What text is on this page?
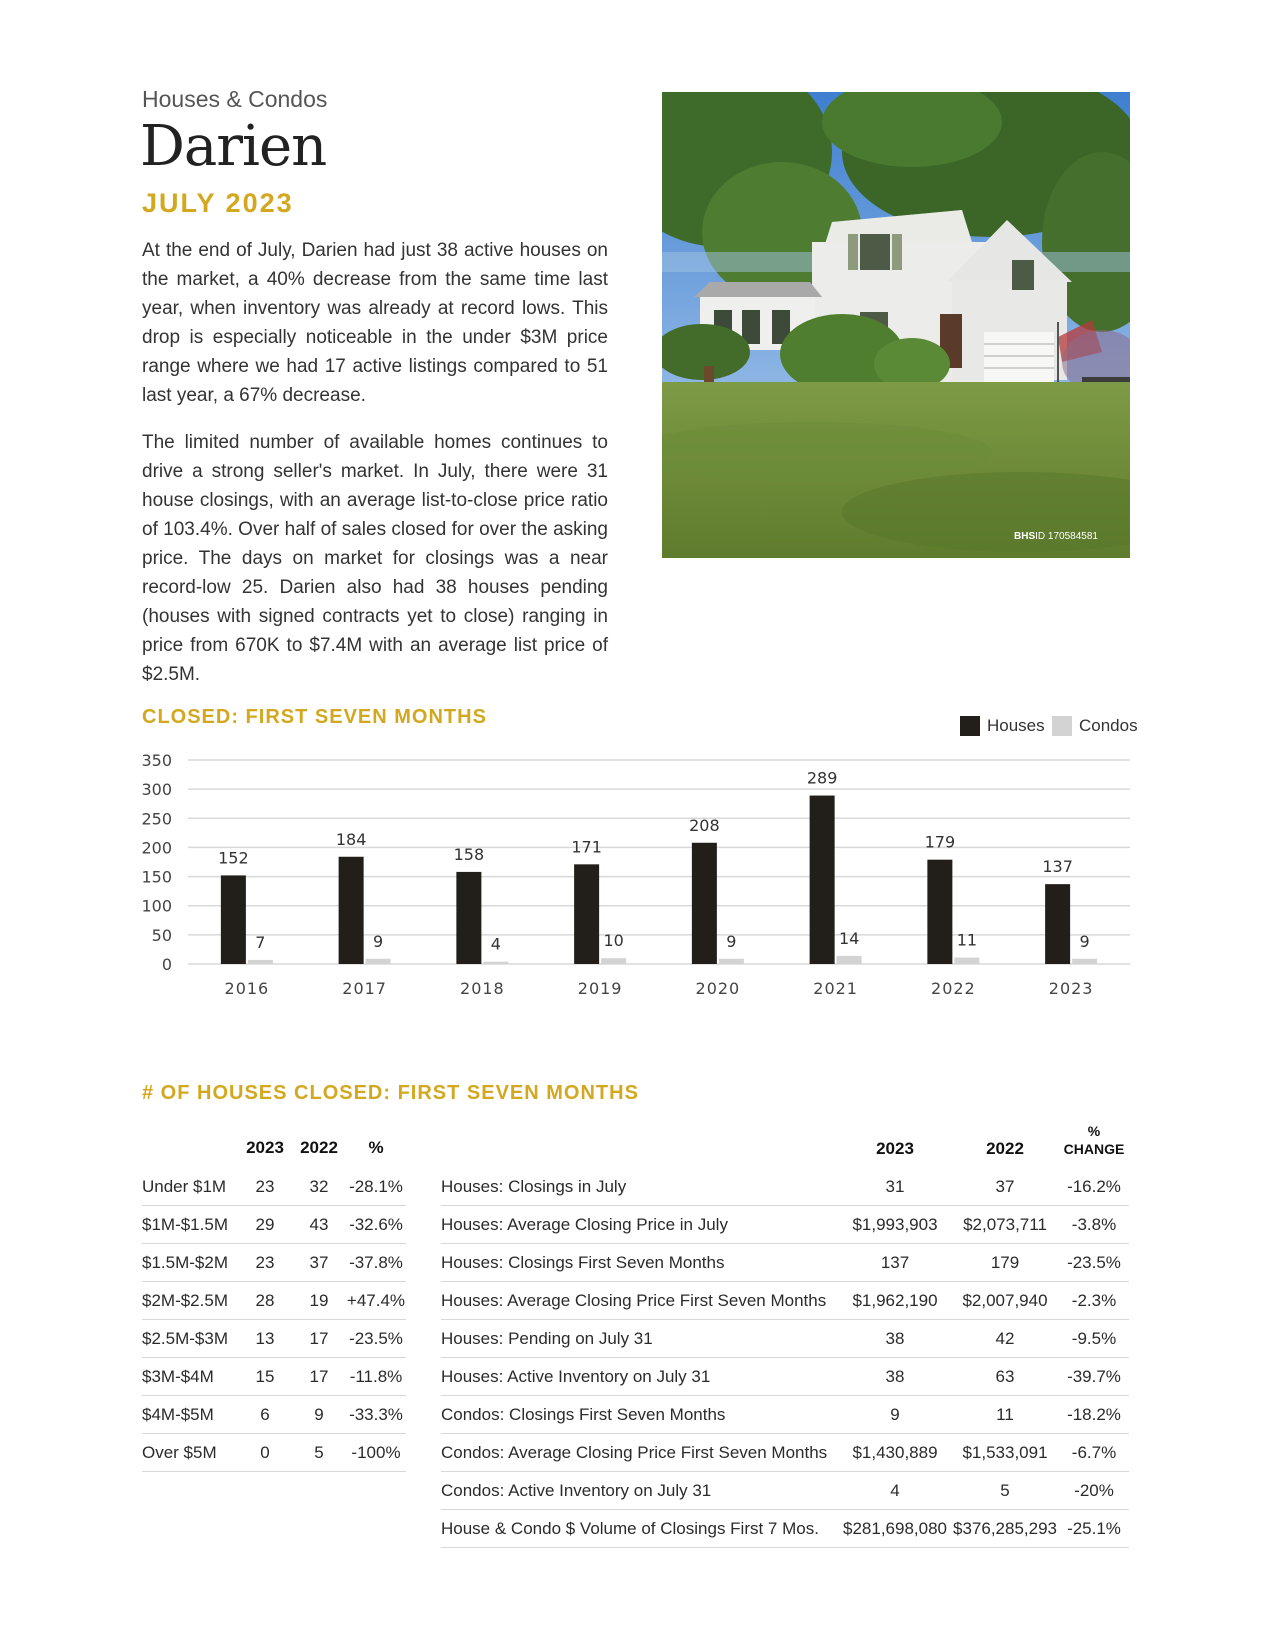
Houses & Condos
Darien
JULY 2023

At the end of July, Darien had just 38 active houses on the market, a 40% decrease from the same time last year, when inventory was already at record lows. This drop is especially noticeable in the under $3M price range where we had 17 active listings compared to 51 last year, a 67% decrease.

The limited number of available homes continues to drive a strong seller's market. In July, there were 31 house closings, with an average list-to-close price ratio of 103.4%. Over half of sales closed for over the asking price. The days on market for closings was a near record-low 25. Darien also had 38 houses pending (houses with signed contracts yet to close) ranging in price from 670K to $7.4M with an average list price of $2.5M.

BHSID 170584581
CLOSED: FIRST SEVEN MONTHS	Houses Condos
0
50
100
150
200
250
300
350
152
7
2016
184
9
2017
158
4
2018
171
10
2019
208
9
2020
289
14
2021
179
11
2022
137
9
2023
# OF HOUSES CLOSED: FIRST SEVEN MONTHS
	2023	2022	%
Under $1M	23	32	-28.1%
$1M-$1.5M	29	43	-32.6%
$1.5M-$2M	23	37	-37.8%
$2M-$2.5M	28	19	+47.4%
$2.5M-$3M	13	17	-23.5%
$3M-$4M	15	17	-11.8%
$4M-$5M	6	9	-33.3%
Over $5M	0	5	-100%
	2023	2022	% CHANGE
Houses: Closings in July	31	37	-16.2%
Houses: Average Closing Price in July	$1,993,903	$2,073,711	-3.8%
Houses: Closings First Seven Months	137	179	-23.5%
Houses: Average Closing Price First Seven Months	$1,962,190	$2,007,940	-2.3%
Houses: Pending on July 31	38	42	-9.5%
Houses: Active Inventory on July 31	38	63	-39.7%
Condos: Closings First Seven Months	9	11	-18.2%
Condos: Average Closing Price First Seven Months	$1,430,889	$1,533,091	-6.7%
Condos: Active Inventory on July 31	4	5	-20%
House & Condo $ Volume of Closings First 7 Mos.	$281,698,080	$376,285,293	-25.1%
